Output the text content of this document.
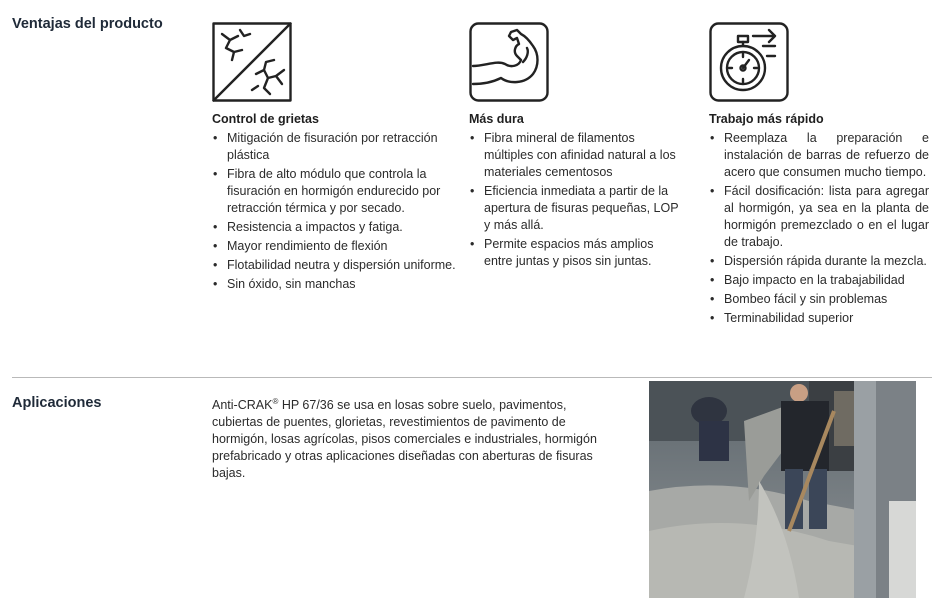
Ventajas del producto
Control de grietas
• Mitigación de fisuración por retracción plástica
• Fibra de alto módulo que controla la fisuración en hormigón endurecido por retracción térmica y por secado.
• Resistencia a impactos y fatiga.
• Mayor rendimiento de flexión
• Flotabilidad neutra y dispersión uniforme.
• Sin óxido, sin manchas
Más dura
• Fibra mineral de filamentos múltiples con afinidad natural a los materiales cementosos
• Eficiencia inmediata a partir de la apertura de fisuras pequeñas, LOP y más allá.
• Permite espacios más amplios entre juntas y pisos sin juntas.
Trabajo más rápido
• Reemplaza la preparación e instalación de barras de refuerzo de acero que consumen mucho tiempo.
• Fácil dosificación: lista para agregar al hormigón, ya sea en la planta de hormigón premezclado o en el lugar de trabajo.
• Dispersión rápida durante la mezcla.
• Bajo impacto en la trabajabilidad
• Bombeo fácil y sin problemas
• Terminabilidad superior
Aplicaciones	Anti-CRAK® HP 67/36 se usa en losas sobre suelo, pavimentos, cubiertas de puentes, glorietas, revestimientos de pavimento de hormigón, losas agrícolas, pisos comerciales e industriales, hormigón prefabricado y otras aplicaciones diseñadas con aberturas de fisuras bajas.
